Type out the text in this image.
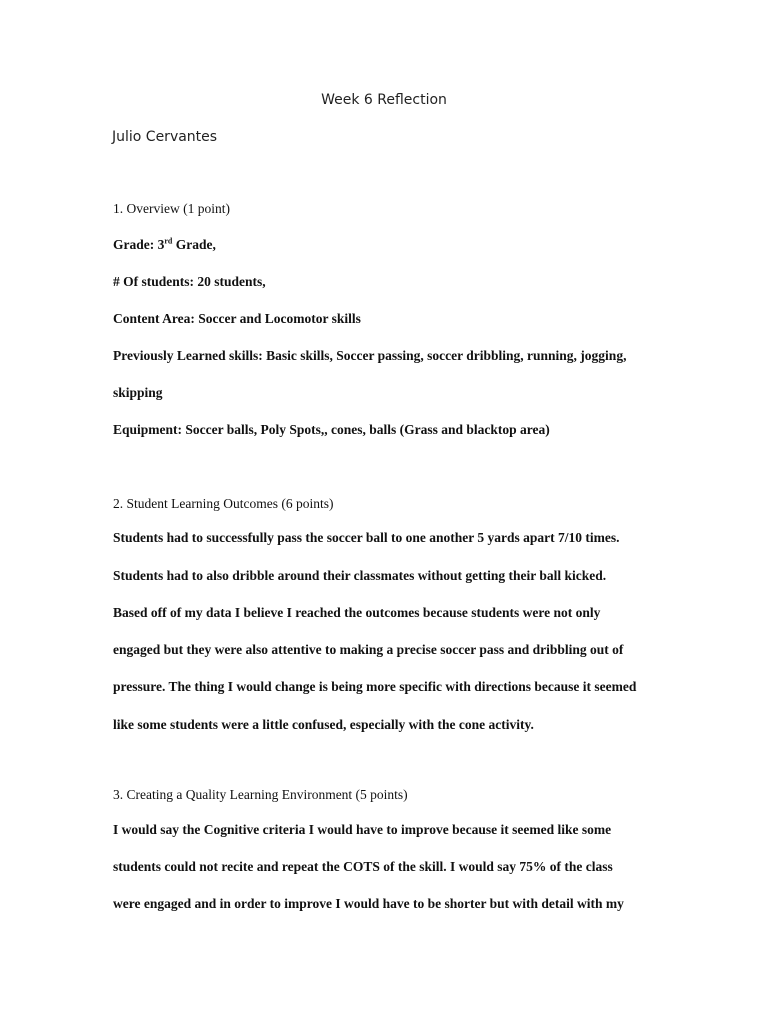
Week 6 Reflection
Julio Cervantes
1. Overview (1 point)
Grade: 3rd Grade,
# Of students: 20 students,
Content Area: Soccer and Locomotor skills
Previously Learned skills: Basic skills, Soccer passing, soccer dribbling, running, jogging,
skipping
Equipment: Soccer balls, Poly Spots,, cones, balls (Grass and blacktop area)
2. Student Learning Outcomes (6 points)
Students had to successfully pass the soccer ball to one another 5 yards apart 7/10 times.
Students had to also dribble around their classmates without getting their ball kicked.
Based off of my data I believe I reached the outcomes because students were not only
engaged but they were also attentive to making a precise soccer pass and dribbling out of
pressure. The thing I would change is being more specific with directions because it seemed
like some students were a little confused, especially with the cone activity.
3. Creating a Quality Learning Environment (5 points)
I would say the Cognitive criteria I would have to improve because it seemed like some
students could not recite and repeat the COTS of the skill. I would say 75% of the class
were engaged and in order to improve I would have to be shorter but with detail with my
